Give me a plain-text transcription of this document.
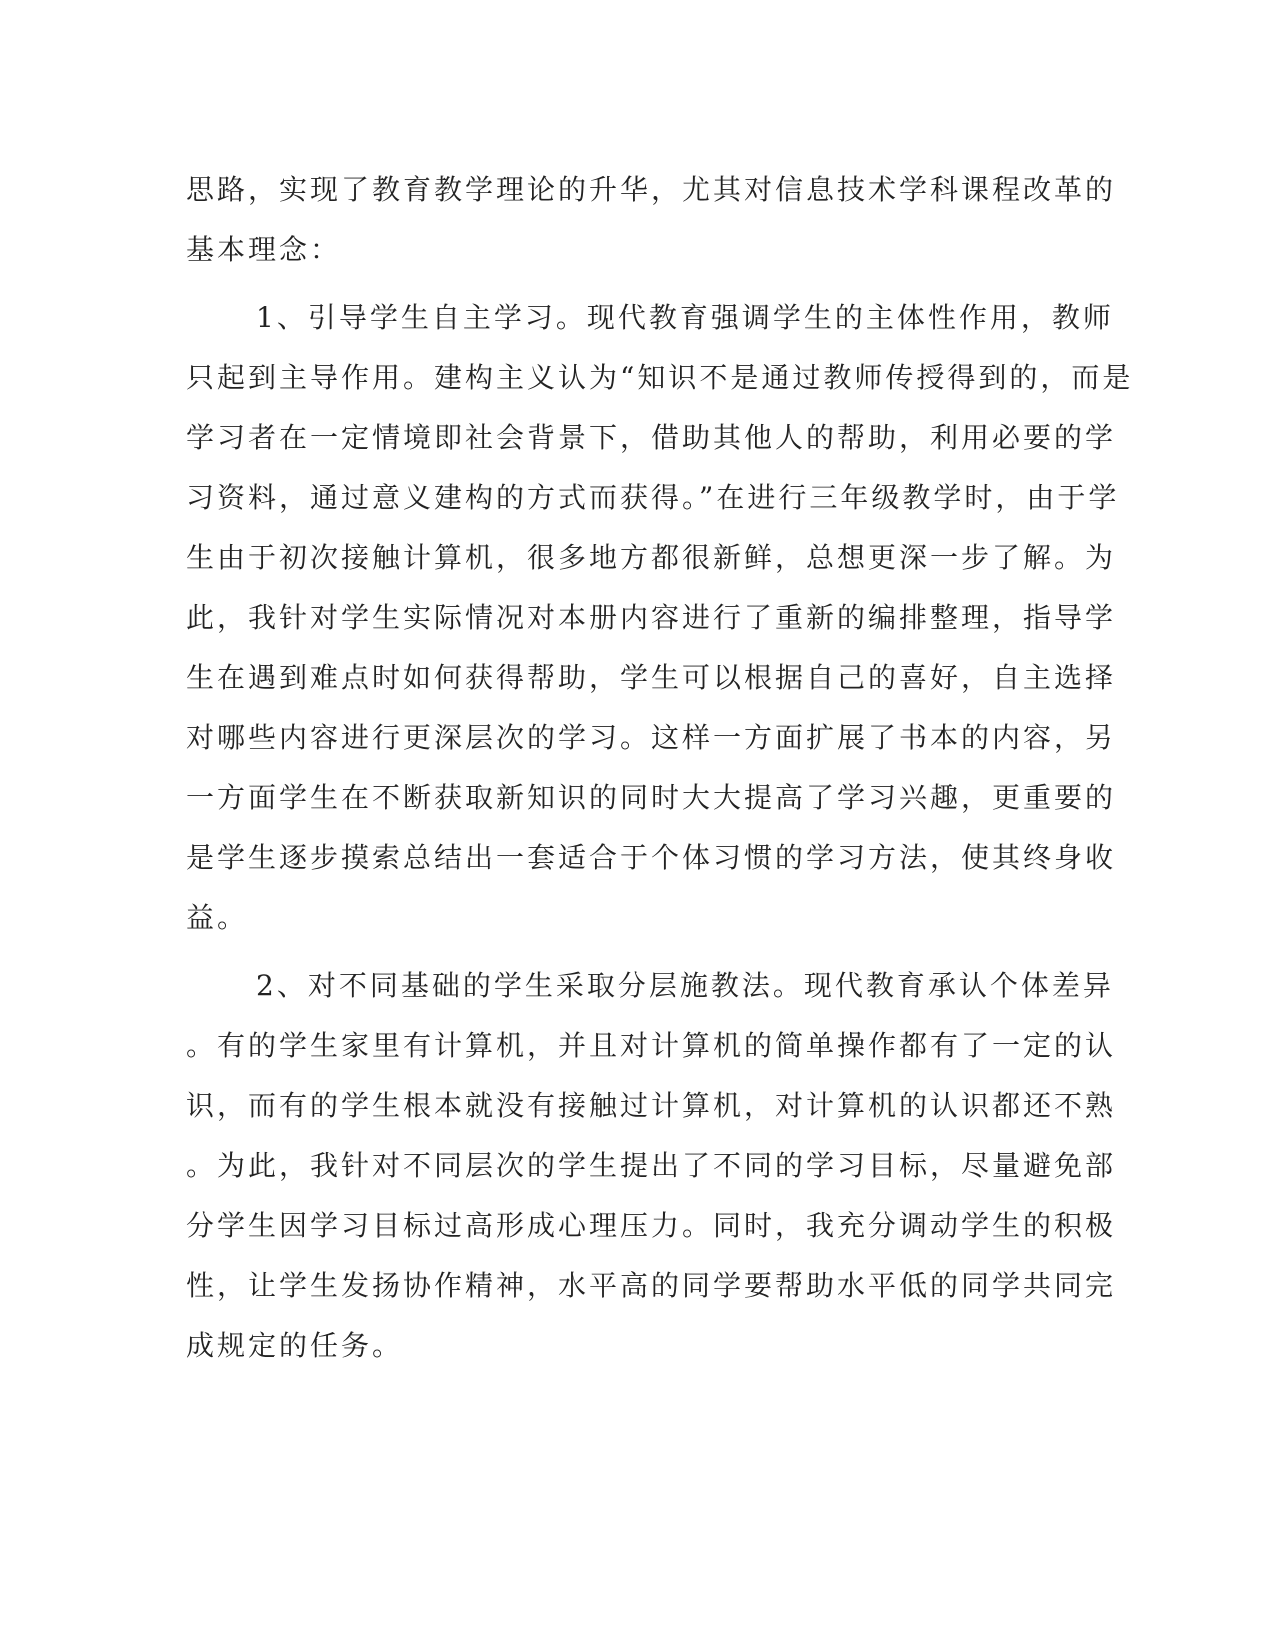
思路，实现了教育教学理论的升华，尤其对信息技术学科课程改革的
基本理念：
1、引导学生自主学习。现代教育强调学生的主体性作用，教师
只起到主导作用。建构主义认为“知识不是通过教师传授得到的，而是
学习者在一定情境即社会背景下，借助其他人的帮助，利用必要的学
习资料，通过意义建构的方式而获得。”在进行三年级教学时，由于学
生由于初次接触计算机，很多地方都很新鲜，总想更深一步了解。为
此，我针对学生实际情况对本册内容进行了重新的编排整理，指导学
生在遇到难点时如何获得帮助，学生可以根据自己的喜好，自主选择
对哪些内容进行更深层次的学习。这样一方面扩展了书本的内容，另
一方面学生在不断获取新知识的同时大大提高了学习兴趣，更重要的
是学生逐步摸索总结出一套适合于个体习惯的学习方法，使其终身收
益。
2、对不同基础的学生采取分层施教法。现代教育承认个体差异
。有的学生家里有计算机，并且对计算机的简单操作都有了一定的认
识，而有的学生根本就没有接触过计算机，对计算机的认识都还不熟
。为此，我针对不同层次的学生提出了不同的学习目标，尽量避免部
分学生因学习目标过高形成心理压力。同时，我充分调动学生的积极
性，让学生发扬协作精神，水平高的同学要帮助水平低的同学共同完
成规定的任务。
